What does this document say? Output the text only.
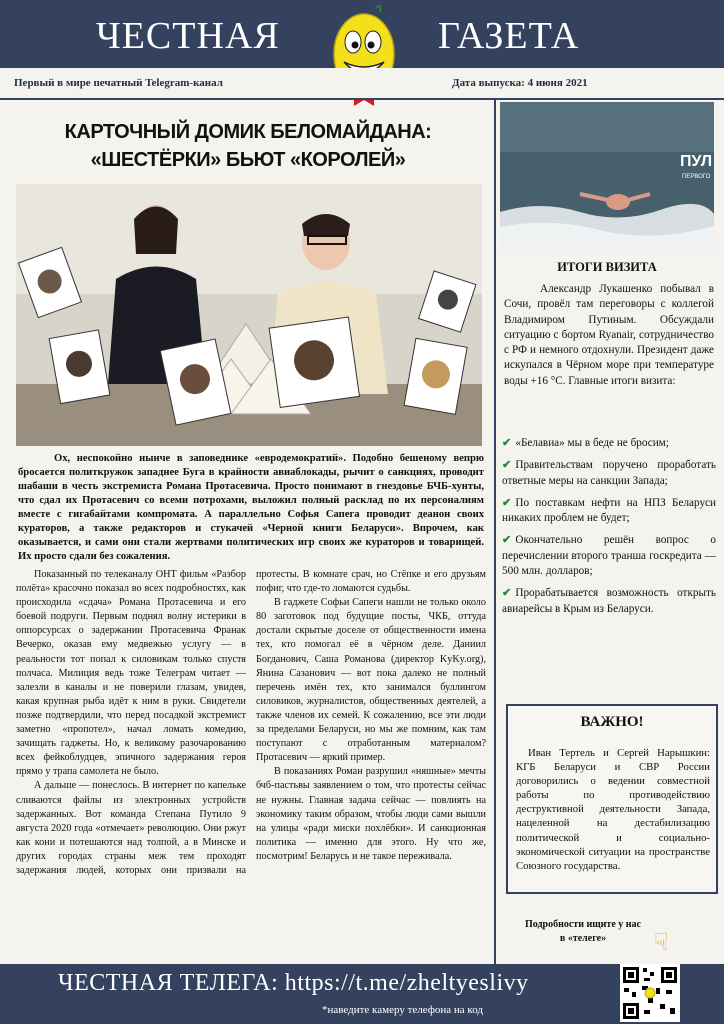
ЧЕСТНАЯ	ГАЗЕТА
Первый в мире печатный Telegram-канал	Дата выпуска: 4 июня 2021
КАРТОЧНЫЙ ДОМИК БЕЛОМАЙДАНА:
«ШЕСТЁРКИ» БЬЮТ «КОРОЛЕЙ»
Ох, неспокойно нынче в заповеднике «евродемократий». Подобно бешеному вепрю бросается политкружок западнее Буга в крайности авиаблокады, рычит о санкциях, проводит шабаши в честь экстремиста Романа Протасевича. Просто понимают в гнездовье БЧБ-хунты, что сдал их Протасевич со всеми потрохами, выложил полный расклад по их персоналиям вместе с гигабайтами компромата. А параллельно Софья Сапега проводит деанон своих кураторов, а также редакторов и стукачей «Черной книги Беларуси». Впрочем, как оказывается, и сами они стали жертвами политических игр своих же кураторов и товарищей. Их просто сдали без сожаления.

Показанный по телеканалу ОНТ фильм «Разбор полёта» красочно показал во всех подробностях, как происходила «сдача» Романа Протасевича и его боевой подруги. Первым поднял волну истерики в оппорсурсах о задержании Протасевича Франак Вечерко, оказав ему медвежью услугу — в реальности тот попал к силовикам только спустя полчаса. Милиция ведь тоже Телеграм читает — залезли в каналы и не поверили глазам, увидев, какая крупная рыба идёт к ним в руки. Свидетели позже подтвердили, что перед посадкой экстремист заметно «пропотел», начал ломать комедию, зачищать гаджеты. Но, к великому разочарованию всех фейкоблудцев, эпичного задержания героя прямо у трапа самолета не было.

А дальше — понеслось. В интернет по капельке сливаются файлы из электронных устройств задержанных. Вот команда Степана Путило 9 августа 2020 года «отмечает» революцию. Они ржут как кони и потешаются над толпой, а в Минске и других городах страны меж тем проходят задержания людей, которых они призвали на протесты. В комнате срач, но Стёпке и его друзьям пофиг, что где-то ломаются судьбы.

В гаджете Софьи Сапеги нашли не только около 80 заготовок под будущие посты, ЧКБ, оттуда достали скрытые доселе от общественности имена тех, кто помогал её в чёрном деле. Даниил Богданович, Саша Романова (директор KyKy.org), Янина Сазанович — вот пока далеко не полный перечень имён тех, кто занимался буллингом силовиков, журналистов, общественных деятелей, а также членов их семей. К сожалению, все эти люди за пределами Беларуси, но мы же помним, как там поступают с отработанным материалом? Протасевич — яркий пример.

В показаниях Роман разрушил «няшные» мечты бчб-пастьвы заявлением о том, что протесты сейчас не нужны. Главная задача сейчас — повлиять на экономику таким образом, чтобы люди сами вышли на улицы «ради миски похлёбки». И санкционная политика — именно для этого. Ну что же, посмотрим! Беларусь и не такое переживала.

ПУЛ
ПЕРВОГО
ИТОГИ ВИЗИТА
Александр Лукашенко побывал в Сочи, провёл там переговоры с коллегой Владимиром Путиным. Обсуждали ситуацию с бортом Ryanair, сотрудничество с РФ и немного отдохнули. Президент даже искупался в Чёрном море при температуре воды +16 °С. Главные итоги визита:
✔ «Белавиа» мы в беде не бросим;
✔ Правительствам поручено проработать ответные меры на санкции Запада;
✔ По поставкам нефти на НПЗ Беларуси никаких проблем не будет;
✔ Окончательно решён вопрос о перечислении второго транша госкредита — 500 млн. долларов;
✔ Прорабатывается возможность открыть авиарейсы в Крым из Беларуси.
ВАЖНО!
Иван Тертель и Сергей Нарышкин: КГБ Беларуси и СВР России договорились о ведении совместной работы по противодействию деструктивной деятельности Запада, нацеленной на дестабилизацию политической и социально-экономической ситуации на пространстве Союзного государства.
Подробности ищите у нас
в «телеге»	☟
ЧЕСТНАЯ ТЕЛЕГА: https://t.me/zheltyeslivy
*наведите камеру телефона на код
